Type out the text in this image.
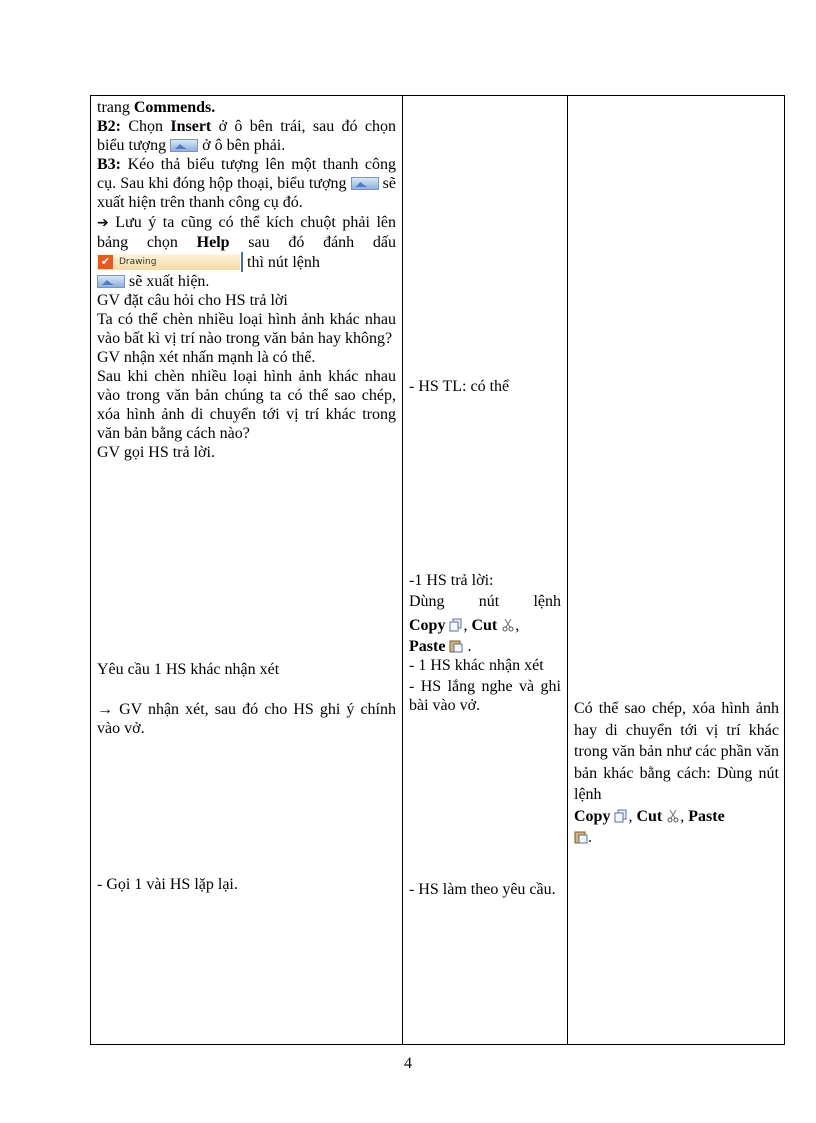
trang Commends.

B2: Chọn Insert ở ô bên trái, sau đó chọn biểu tượng  ở ô bên phải.

B3: Kéo thả biểu tượng lên một thanh công cụ. Sau khi đóng hộp thoại, biểu tượng  sẽ xuất hiện trên thanh công cụ đó.

➔ Lưu ý ta cũng có thể kích chuột phải lên bảng chọn Help sau đó đánh dấu
✔ Drawing	thì nút lệnh
sẽ xuất hiện.

GV đặt câu hỏi cho HS trả lời

Ta có thể chèn nhiều loại hình ảnh khác nhau vào bất kì vị trí nào trong văn bản hay không?

GV nhận xét nhấn mạnh là có thể.

Sau khi chèn nhiều loại hình ảnh khác nhau vào trong văn bản chúng ta có thể sao chép, xóa hình ảnh di chuyển tới vị trí khác trong văn bản bằng cách nào?

GV gọi HS trả lời.

Yêu cầu 1 HS khác nhận xét

→ GV nhận xét, sau đó cho HS ghi ý chính vào vở.

- Gọi 1 vài HS lặp lại.

- HS TL: có thể

-1 HS trả lời:

Dùng nút lệnh

Copy , Cut ,

Paste  .

- 1 HS khác nhận xét

- HS lắng nghe và ghi bài vào vở.

- HS làm theo yêu cầu.

Có thể sao chép, xóa hình ảnh hay di chuyển tới vị trí khác trong văn bản như các phần văn bản khác bằng cách: Dùng nút lệnh
Copy , Cut , Paste
.

4
